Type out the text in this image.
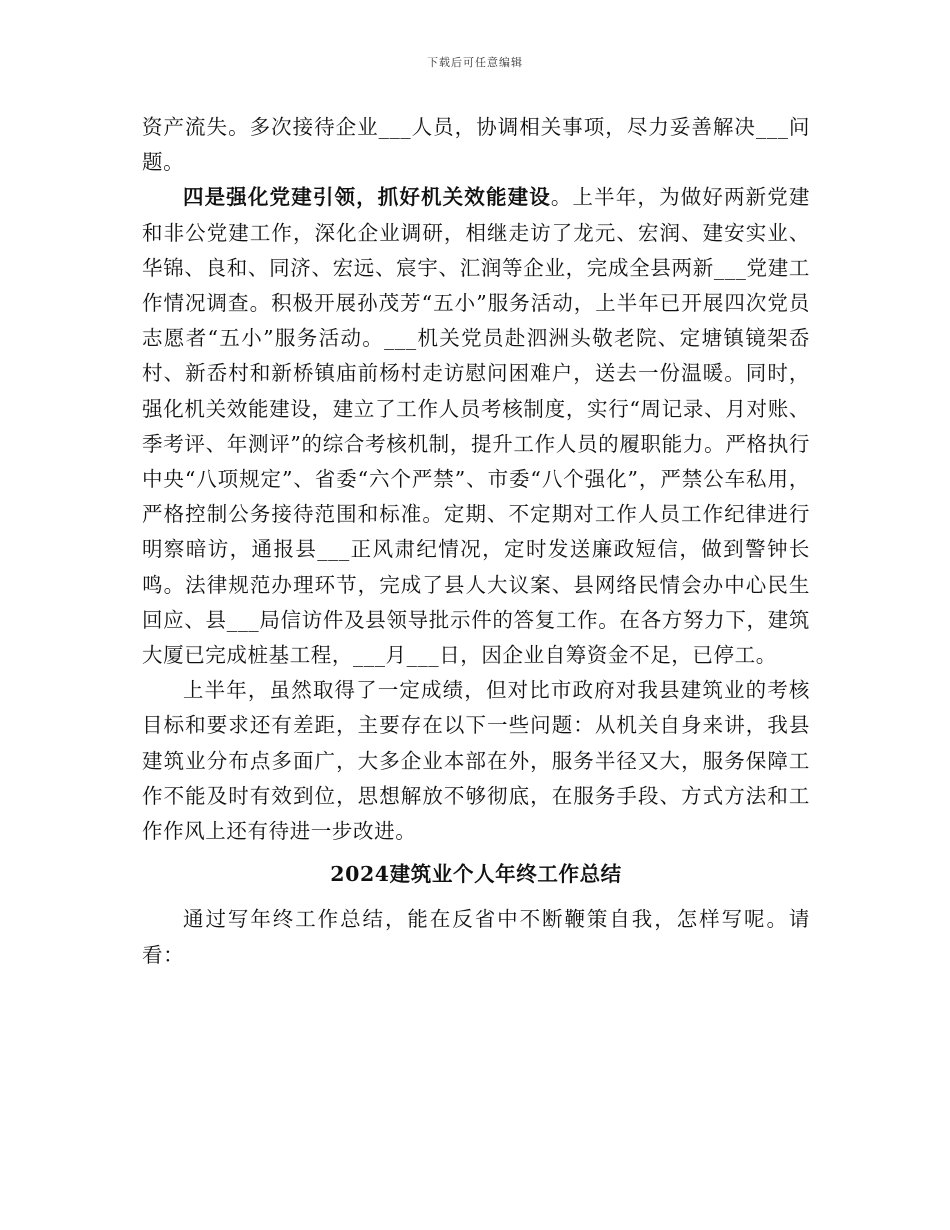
下载后可任意编辑

资产流失。多次接待企业___人员，协调相关事项，尽力妥善解决___问题。

四是强化党建引领，抓好机关效能建设。上半年，为做好两新党建和非公党建工作，深化企业调研，相继走访了龙元、宏润、建安实业、华锦、良和、同济、宏远、宸宇、汇润等企业，完成全县两新___党建工作情况调查。积极开展孙茂芳“五小”服务活动，上半年已开展四次党员志愿者“五小”服务活动。___机关党员赴泗洲头敬老院、定塘镇镜架岙村、新岙村和新桥镇庙前杨村走访慰问困难户，送去一份温暖。同时，强化机关效能建设，建立了工作人员考核制度，实行“周记录、月对账、季考评、年测评”的综合考核机制，提升工作人员的履职能力。严格执行中央“八项规定”、省委“六个严禁”、市委“八个强化”，严禁公车私用，严格控制公务接待范围和标准。定期、不定期对工作人员工作纪律进行明察暗访，通报县___正风肃纪情况，定时发送廉政短信，做到警钟长鸣。法律规范办理环节，完成了县人大议案、县网络民情会办中心民生回应、县___局信访件及县领导批示件的答复工作。在各方努力下，建筑大厦已完成桩基工程，___月___日，因企业自筹资金不足，已停工。

上半年，虽然取得了一定成绩，但对比市政府对我县建筑业的考核目标和要求还有差距，主要存在以下一些问题：从机关自身来讲，我县建筑业分布点多面广，大多企业本部在外，服务半径又大，服务保障工作不能及时有效到位，思想解放不够彻底，在服务手段、方式方法和工作作风上还有待进一步改进。

2024建筑业个人年终工作总结

通过写年终工作总结，能在反省中不断鞭策自我，怎样写呢。请看：
